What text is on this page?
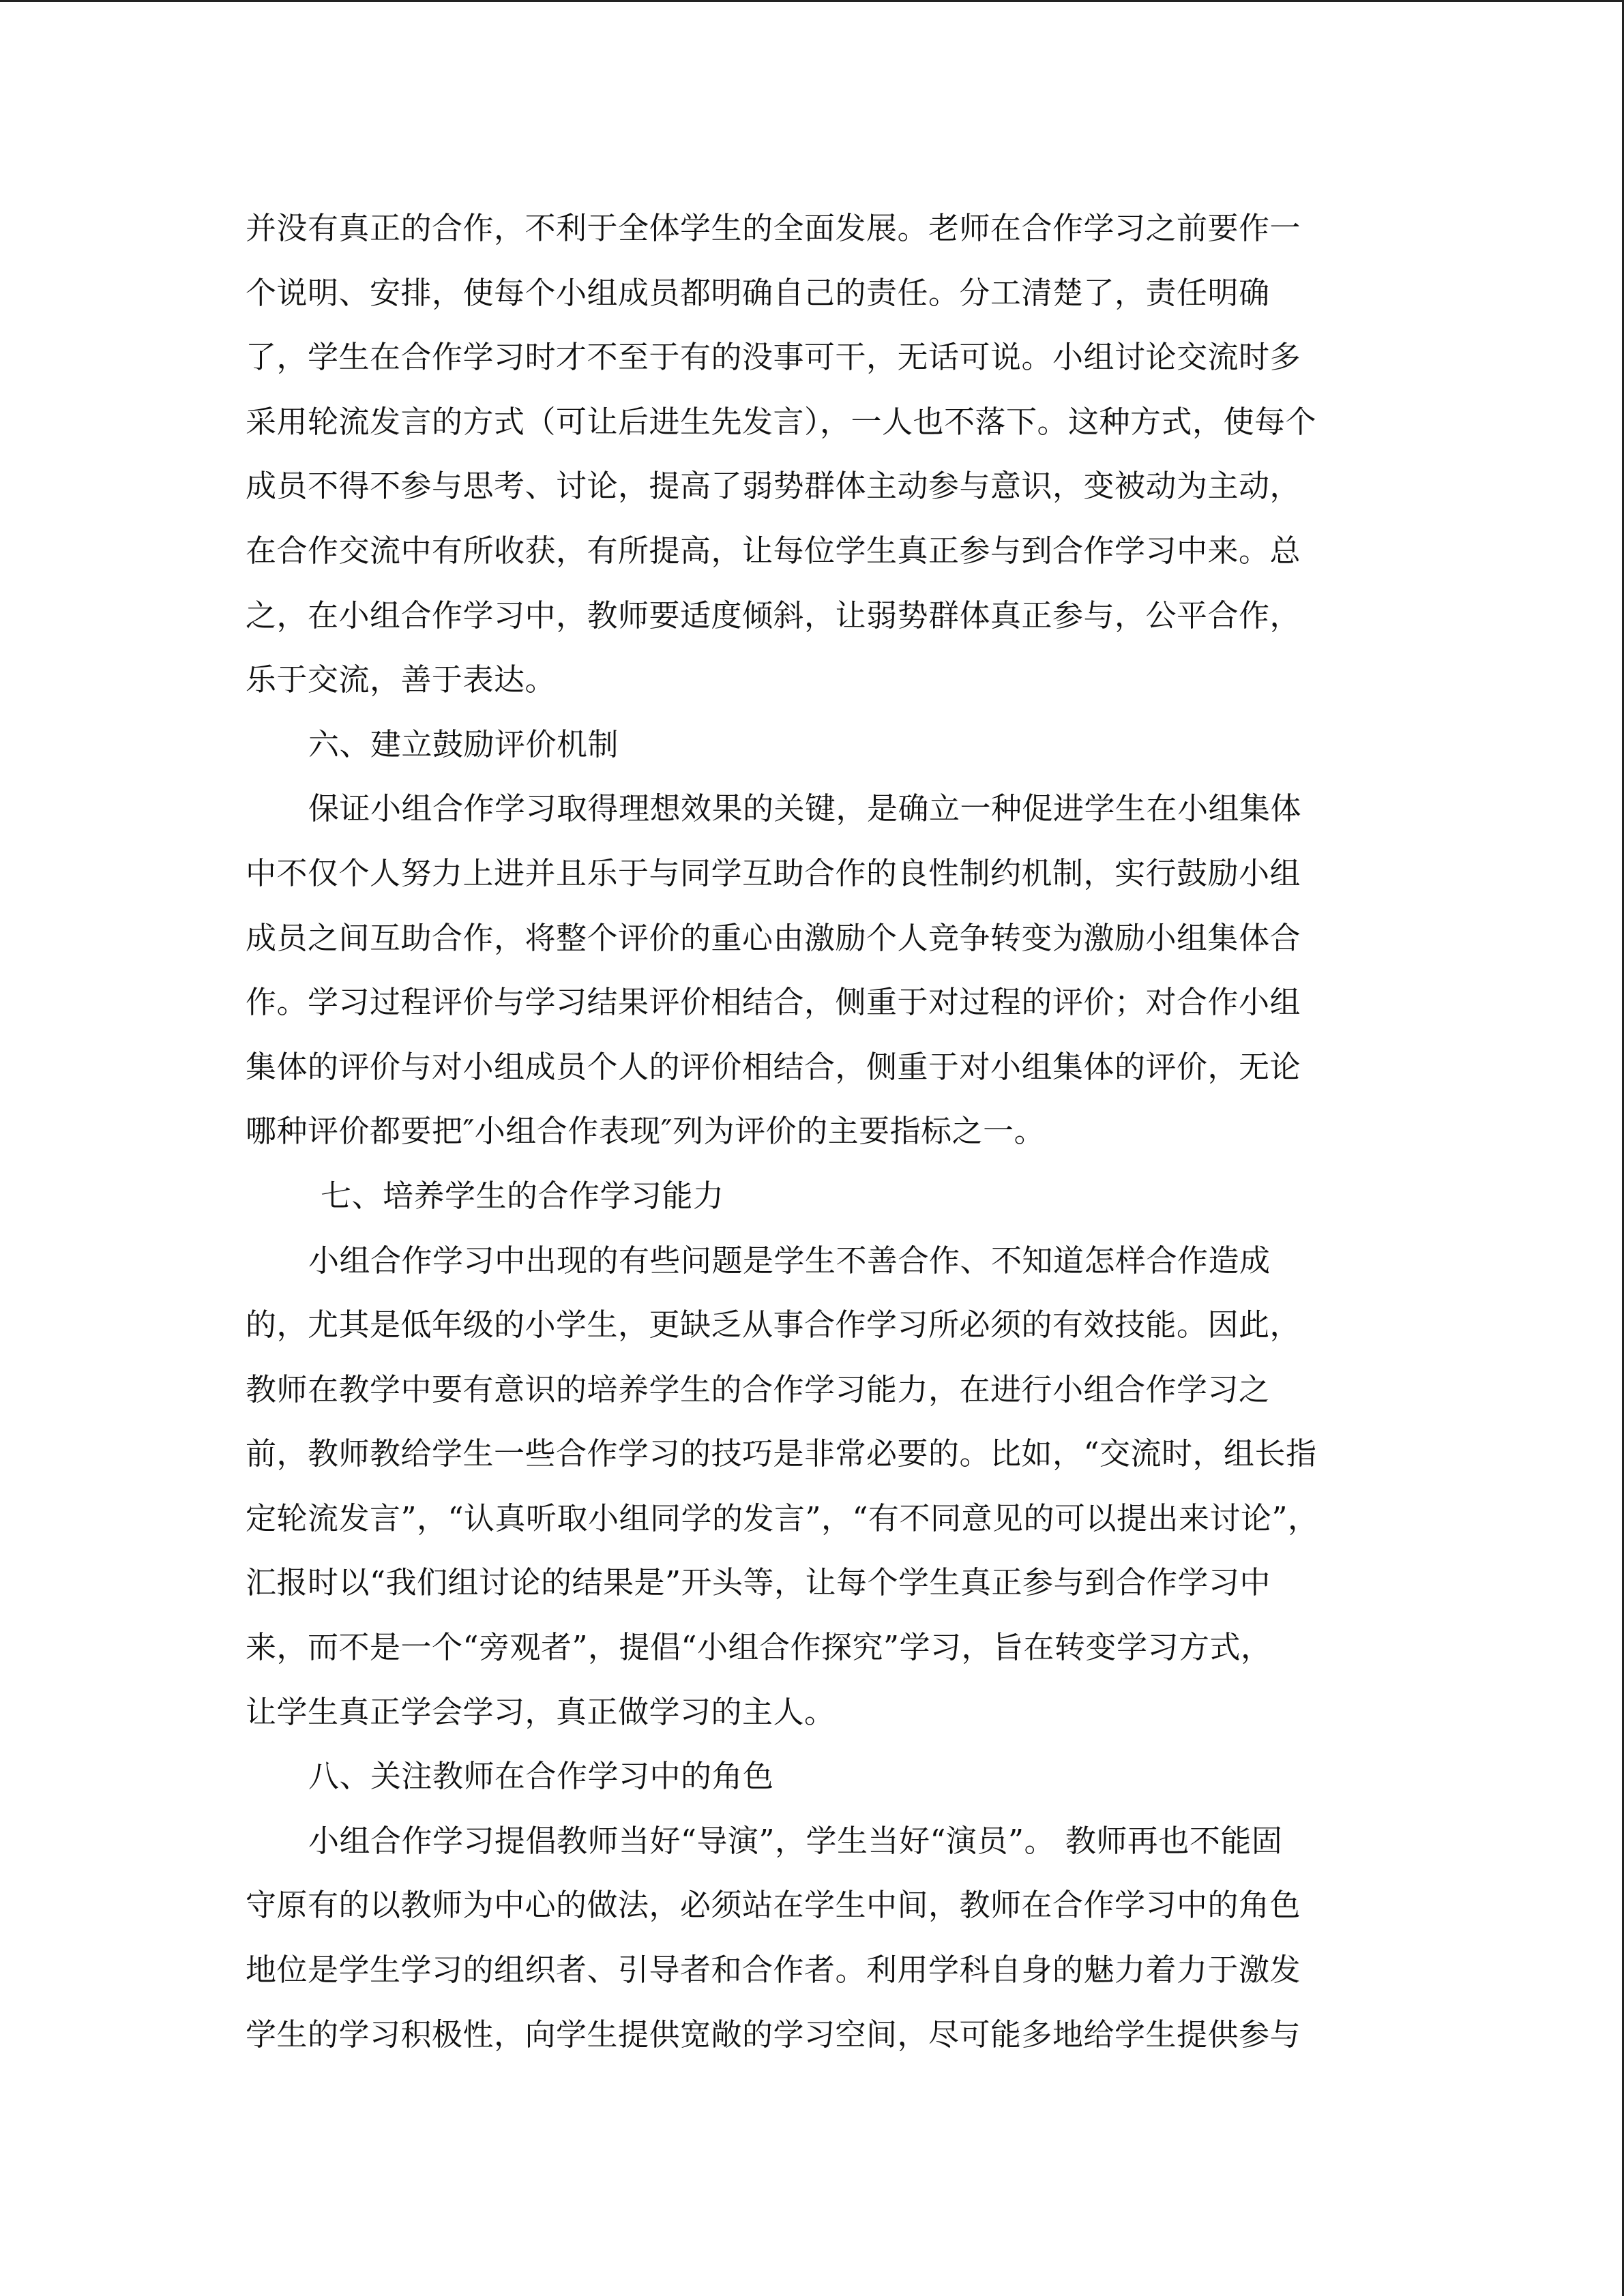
并没有真正的合作，不利于全体学生的全面发展。老师在合作学习之前要作一
个说明、安排，使每个小组成员都明确自己的责任。分工清楚了，责任明确
了，学生在合作学习时才不至于有的没事可干，无话可说。小组讨论交流时多
采用轮流发言的方式（可让后进生先发言），一人也不落下。这种方式，使每个
成员不得不参与思考、讨论，提高了弱势群体主动参与意识，变被动为主动，
在合作交流中有所收获，有所提高，让每位学生真正参与到合作学习中来。总
之，在小组合作学习中，教师要适度倾斜，让弱势群体真正参与，公平合作，
乐于交流，善于表达。
六、建立鼓励评价机制
保证小组合作学习取得理想效果的关键，是确立一种促进学生在小组集体
中不仅个人努力上进并且乐于与同学互助合作的良性制约机制，实行鼓励小组
成员之间互助合作，将整个评价的重心由激励个人竞争转变为激励小组集体合
作。学习过程评价与学习结果评价相结合，侧重于对过程的评价；对合作小组
集体的评价与对小组成员个人的评价相结合，侧重于对小组集体的评价，无论
哪种评价都要把″小组合作表现″列为评价的主要指标之一。
七、培养学生的合作学习能力
小组合作学习中出现的有些问题是学生不善合作、不知道怎样合作造成
的，尤其是低年级的小学生，更缺乏从事合作学习所必须的有效技能。因此，
教师在教学中要有意识的培养学生的合作学习能力，在进行小组合作学习之
前，教师教给学生一些合作学习的技巧是非常必要的。比如，“交流时，组长指
定轮流发言”，“认真听取小组同学的发言”，“有不同意见的可以提出来讨论”，
汇报时以“我们组讨论的结果是”开头等，让每个学生真正参与到合作学习中
来，而不是一个“旁观者”，提倡“小组合作探究”学习，旨在转变学习方式，
让学生真正学会学习，真正做学习的主人。
八、关注教师在合作学习中的角色
小组合作学习提倡教师当好“导演”，学生当好“演员”。 教师再也不能固
守原有的以教师为中心的做法，必须站在学生中间，教师在合作学习中的角色
地位是学生学习的组织者、引导者和合作者。利用学科自身的魅力着力于激发
学生的学习积极性，向学生提供宽敞的学习空间，尽可能多地给学生提供参与
